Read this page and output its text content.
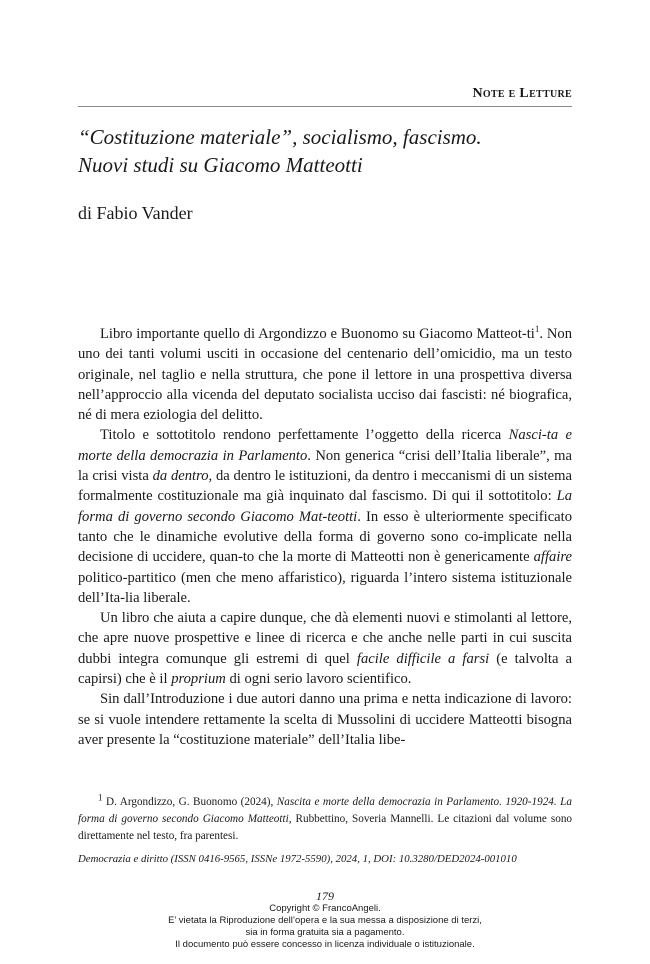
Note e Letture
“Costituzione materiale”, socialismo, fascismo.
Nuovi studi su Giacomo Matteotti
di Fabio Vander

Libro importante quello di Argondizzo e Buonomo su Giacomo Matteot-$ti^1$. Non uno dei tanti volumi usciti in occasione del centenario dell’omicidio, ma un testo originale, nel taglio e nella struttura, che pone il lettore in una prospettiva diversa nell’approccio alla vicenda del deputato socialista ucciso dai fascisti: né biografica, né di mera eziologia del delitto.

Titolo e sottotitolo rendono perfettamente l’oggetto della ricerca Nasci-ta e morte della democrazia in Parlamento. Non generica “crisi dell’Italia liberale”, ma la crisi vista da dentro, da dentro le istituzioni, da dentro i meccanismi di un sistema formalmente costituzionale ma già inquinato dal fascismo. Di qui il sottotitolo: La forma di governo secondo Giacomo Mat-teotti. In esso è ulteriormente specificato tanto che le dinamiche evolutive della forma di governo sono co-implicate nella decisione di uccidere, quan-to che la morte di Matteotti non è genericamente affaire politico-partitico (men che meno affaristico), riguarda l’intero sistema istituzionale dell’Ita-lia liberale.

Un libro che aiuta a capire dunque, che dà elementi nuovi e stimolanti al lettore, che apre nuove prospettive e linee di ricerca e che anche nelle parti in cui suscita dubbi integra comunque gli estremi di quel facile difficile a farsi (e talvolta a capirsi) che è il proprium di ogni serio lavoro scientifico.

Sin dall’Introduzione i due autori danno una prima e netta indicazione di lavoro: se si vuole intendere rettamente la scelta di Mussolini di uccidere Matteotti bisogna aver presente la “costituzione materiale” dell’Italia libe-

$^1$ D. Argondizzo, G. Buonomo (2024), Nascita e morte della democrazia in Parlamento. 1920-1924. La forma di governo secondo Giacomo Matteotti, Rubbettino, Soveria Mannelli. Le citazioni dal volume sono direttamente nel testo, fra parentesi.
Democrazia e diritto (ISSN 0416-9565, ISSNe 1972-5590), 2024, 1, DOI: 10.3280/DED2024-001010
179
Copyright © FrancoAngeli.
E’ vietata la Riproduzione dell’opera e la sua messa a disposizione di terzi,
sia in forma gratuita sia a pagamento.
Il documento può essere concesso in licenza individuale o istituzionale.
